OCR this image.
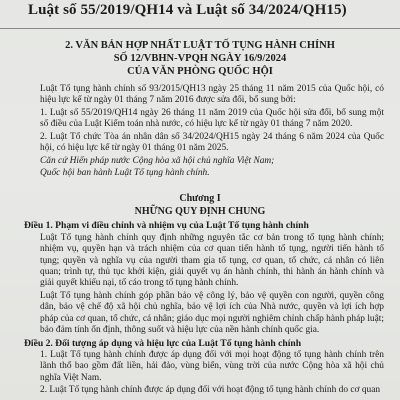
Luật số 55/2019/QH14 và Luật số 34/2024/QH15)
2. VĂN BẢN HỢP NHẤT LUẬT TỐ TỤNG HÀNH CHÍNH
SỐ 12/VBHN-VPQH NGÀY 16/9/2024
CỦA VĂN PHÒNG QUỐC HỘI
Luật Tố tụng hành chính số 93/2015/QH13 ngày 25 tháng 11 năm 2015 của Quốc hội, có hiệu lực kể từ ngày 01 tháng 7 năm 2016 được sửa đổi, bổ sung bởi:
1. Luật số 55/2019/QH14 ngày 26 tháng 11 năm 2019 của Quốc hội sửa đổi, bổ sung một số điều của Luật Kiểm toán nhà nước, có hiệu lực kể từ ngày 01 tháng 7 năm 2020.
2. Luật Tổ chức Tòa án nhân dân số 34/2024/QH15 ngày 24 tháng 6 năm 2024 của Quốc hội, có hiệu lực kể từ ngày 01 tháng 01 năm 2025.
Căn cứ Hiến pháp nước Cộng hòa xã hội chủ nghĩa Việt Nam;
Quốc hội ban hành Luật Tố tụng hành chính.
Chương I
NHỮNG QUY ĐỊNH CHUNG
Điều 1. Phạm vi điều chỉnh và nhiệm vụ của Luật Tố tụng hành chính
Luật Tố tụng hành chính quy định những nguyên tắc cơ bản trong tố tụng hành chính; nhiệm vụ, quyền hạn và trách nhiệm của cơ quan tiến hành tố tụng, người tiến hành tố tụng; quyền và nghĩa vụ của người tham gia tố tụng, cơ quan, tổ chức, cá nhân có liên quan; trình tự, thủ tục khởi kiện, giải quyết vụ án hành chính, thi hành án hành chính và giải quyết khiếu nại, tố cáo trong tố tụng hành chính.
Luật Tố tụng hành chính góp phần bảo vệ công lý, bảo vệ quyền con người, quyền công dân, bảo vệ chế độ xã hội chủ nghĩa, bảo vệ lợi ích của Nhà nước, quyền và lợi ích hợp pháp của cơ quan, tổ chức, cá nhân; giáo dục mọi người nghiêm chỉnh chấp hành pháp luật; bảo đảm tính ổn định, thông suốt và hiệu lực của nền hành chính quốc gia.
Điều 2. Đối tượng áp dụng và hiệu lực của Luật Tố tụng hành chính
1. Luật Tố tụng hành chính được áp dụng đối với mọi hoạt động tố tụng hành chính trên lãnh thổ bao gồm đất liền, hải đảo, vùng biển, vùng trời của nước Cộng hòa xã hội chủ nghĩa Việt Nam.
2. Luật Tố tụng hành chính được áp dụng đối với hoạt động tố tụng hành chính do cơ quan
